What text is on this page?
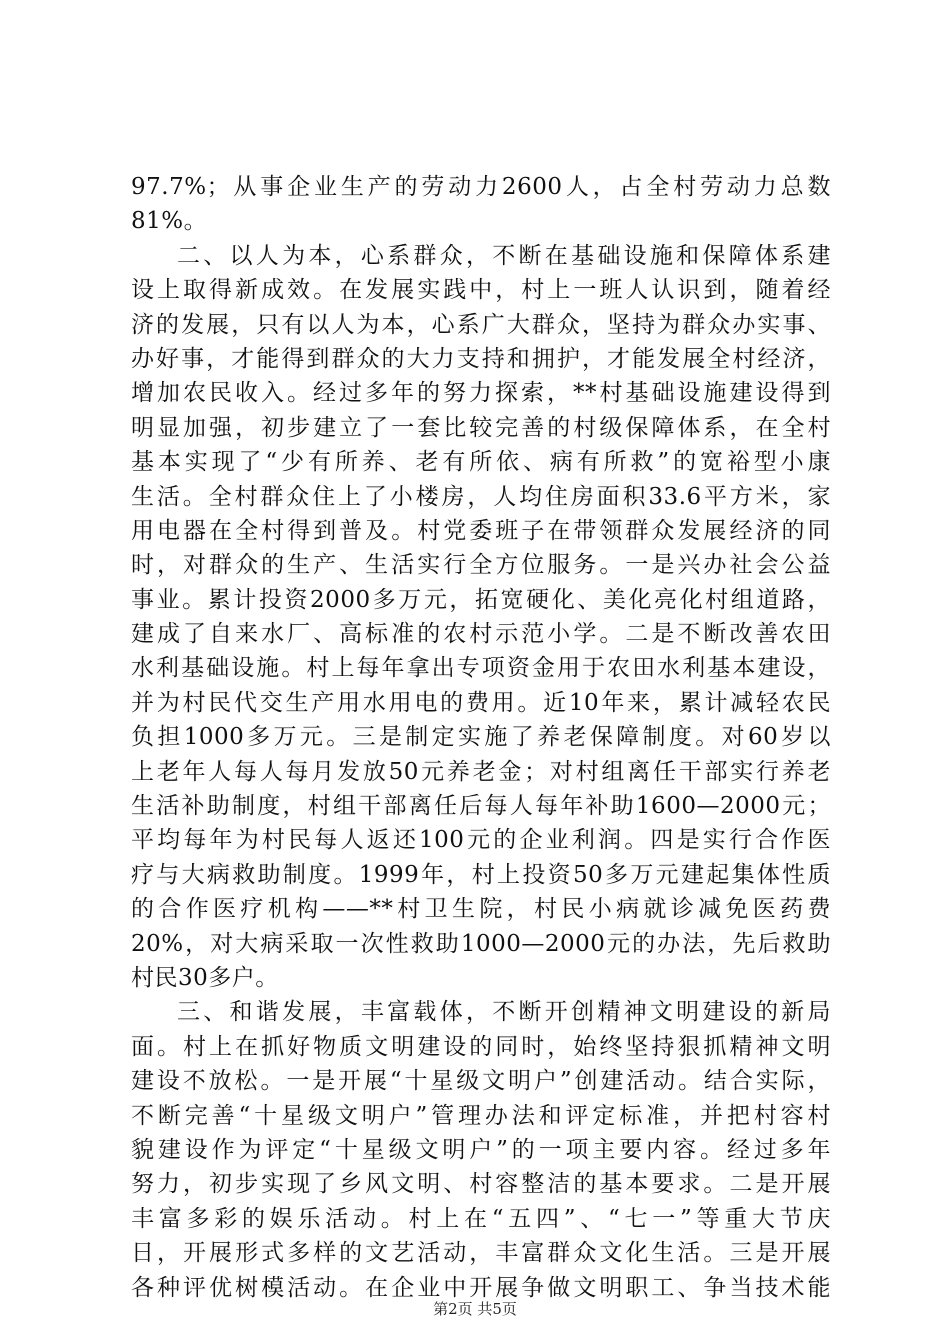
97.7%；从事企业生产的劳动力2600人，占全村劳动力总数
81%。
二、以人为本，心系群众，不断在基础设施和保障体系建
设上取得新成效。在发展实践中，村上一班人认识到，随着经
济的发展，只有以人为本，心系广大群众，坚持为群众办实事、
办好事，才能得到群众的大力支持和拥护，才能发展全村经济，
增加农民收入。经过多年的努力探索，**村基础设施建设得到
明显加强，初步建立了一套比较完善的村级保障体系，在全村
基本实现了“少有所养、老有所依、病有所救”的宽裕型小康
生活。全村群众住上了小楼房，人均住房面积33.6平方米，家
用电器在全村得到普及。村党委班子在带领群众发展经济的同
时，对群众的生产、生活实行全方位服务。一是兴办社会公益
事业。累计投资2000多万元，拓宽硬化、美化亮化村组道路，
建成了自来水厂、高标准的农村示范小学。二是不断改善农田
水利基础设施。村上每年拿出专项资金用于农田水利基本建设，
并为村民代交生产用水用电的费用。近10年来，累计减轻农民
负担1000多万元。三是制定实施了养老保障制度。对60岁以
上老年人每人每月发放50元养老金；对村组离任干部实行养老
生活补助制度，村组干部离任后每人每年补助1600—2000元；
平均每年为村民每人返还100元的企业利润。四是实行合作医
疗与大病救助制度。1999年，村上投资50多万元建起集体性质
的合作医疗机构——**村卫生院，村民小病就诊减免医药费
20%，对大病采取一次性救助1000—2000元的办法，先后救助
村民30多户。
三、和谐发展，丰富载体，不断开创精神文明建设的新局
面。村上在抓好物质文明建设的同时，始终坚持狠抓精神文明
建设不放松。一是开展“十星级文明户”创建活动。结合实际，
不断完善“十星级文明户”管理办法和评定标准，并把村容村
貌建设作为评定“十星级文明户”的一项主要内容。经过多年
努力，初步实现了乡风文明、村容整洁的基本要求。二是开展
丰富多彩的娱乐活动。村上在“五四”、“七一”等重大节庆
日，开展形式多样的文艺活动，丰富群众文化生活。三是开展
各种评优树模活动。在企业中开展争做文明职工、争当技术能
第2页 共5页
